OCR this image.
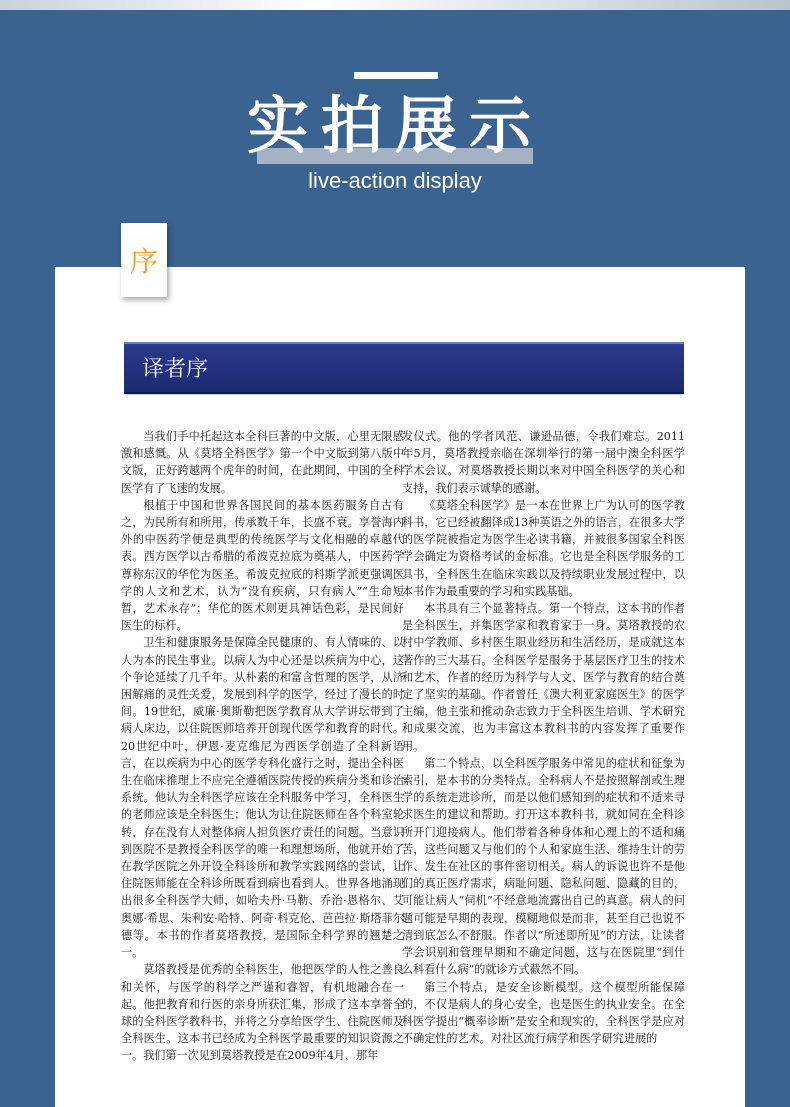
实拍展示
live-action display
序
译者序

当我们手中托起这本全科巨著的中文版，心里无限感激和感慨。从《莫塔全科医学》第一个中文版到第八版中文版，正好跨越两个虎年的时间，在此期间，中国的全科医学有了飞速的发展。

根植于中国和世界各国民间的基本医药服务自古有之，为民所有和所用，传承数千年，长盛不衰。享誉海内外的中医药学便是典型的传统医学与文化相融的卓越代表。西方医学以古希腊的希波克拉底为奠基人，中医药学尊称东汉的华佗为医圣。希波克拉底的科斯学派更强调医学的人文和艺术，认为“没有疾病，只有病人”“生命短暂，艺术永存”；华佗的医术则更具神话色彩，是民间好医生的标杆。

卫生和健康服务是保障全民健康的、有人情味的、以人为本的民生事业。以病人为中心还是以疾病为中心，这个争论延续了几千年。从朴素的和富含哲理的医学，从济困解痛的灵性关爱，发展到科学的医学，经过了漫长的时间。19世纪，威廉·奥斯勒把医学教育从大学讲坛带到了病人床边，以住院医师培养开创现代医学和教育的时代。20世纪中叶，伊恩·麦克维尼为西医学创造了全科新语言，在以疾病为中心的医学专科化盛行之时，提出全科医生在临床推理上不应完全遵循医院传授的疾病分类和诊治系统。他认为全科医学应该在全科服务中学习，全科医生的老师应该是全科医生；他认为让住院医师在各个科室轮转，存在没有人对整体病人担负医疗责任的问题。当意识到医院不是教授全科医学的唯一和理想场所，他就开始了在教学医院之外开设全科诊所和教学实践网络的尝试，让住院医师能在全科诊所既看到病也看到人。世界各地涌现出很多全科医学大师，如哈夫丹·马勒、乔治·恩格尔、艾奥娜·希思、朱利安·哈特、阿奇·科克伦、芭芭拉·斯塔菲尔德等。本书的作者莫塔教授，是国际全科学界的翘楚之一。

莫塔教授是优秀的全科医生，他把医学的人性之善良和关怀，与医学的科学之严谨和睿智，有机地融合在一起。他把教育和行医的亲身所获汇集，形成了这本享誉全球的全科医学教科书，并将之分享给医学生、住院医师及全科医生。这本书已经成为全科医学最重要的知识资源之一。我们第一次见到莫塔教授是在2009年4月，那年

发仪式。他的学者风范、谦逊品德，令我们难忘。2011年5月，莫塔教授亲临在深圳举行的第一届中澳全科医学学术会议。对莫塔教授长期以来对中国全科医学的关心和支持，我们表示诚挚的感谢。

《莫塔全科医学》是一本在世界上广为认可的医学教科书，它已经被翻译成13种英语之外的语言，在很多大学的医学院被指定为医学生必读书籍，并被很多国家全科医学会确定为资格考试的金标准。它也是全科医学服务的工具书，全科医生在临床实践以及持续职业发展过程中，以本书作为最重要的学习和实践基础。

本书具有三个显著特点。第一个特点，这本书的作者是全科医生，并集医学家和教育家于一身。莫塔教授的农村中学教师、乡村医生职业经历和生活经历，是成就这本著作的三大基石。全科医学是服务于基层医疗卫生的技术和艺术，作者的经历为科学与人文、医学与教育的结合奠定了坚实的基础。作者曾任《澳大利亚家庭医生》的医学主编，他主张和推动杂志致力于全科医生培训、学术研究和成果交流，也为丰富这本教科书的内容发挥了重要作用。

第二个特点，以全科医学服务中常见的症状和征象为索引，是本书的分类特点。全科病人不是按照解剖或生理学的系统走进诊所，而是以他们感知到的症状和不适来寻求医生的建议和帮助。打开这本教科书，就如同在全科诊所开门迎接病人。他们带着各种身体和心理上的不适和痛苦，这些问题又与他们的个人和家庭生活、维持生计的劳作、发生在社区的事件密切相关。病人的诉说也许不是他们的真正医疗需求，病耻问题、隐私问题、隐藏的目的，可能让病人“伺机”不经意地流露出自己的真意。病人的问题可能是早期的表现，模糊地似是而非，甚至自己也说不清到底怎么不舒服。作者以“所述即所见”的方法，让读者学会识别和管理早期和不确定问题，这与在医院里“到什么科看什么病”的就诊方式截然不同。

第三个特点，是安全诊断模型。这个模型所能保障的，不仅是病人的身心安全，也是医生的执业安全。在全科医学提出“概率诊断”是安全和现实的，全科医学是应对不确定性的艺术。对社区流行病学和医学研究进展的
